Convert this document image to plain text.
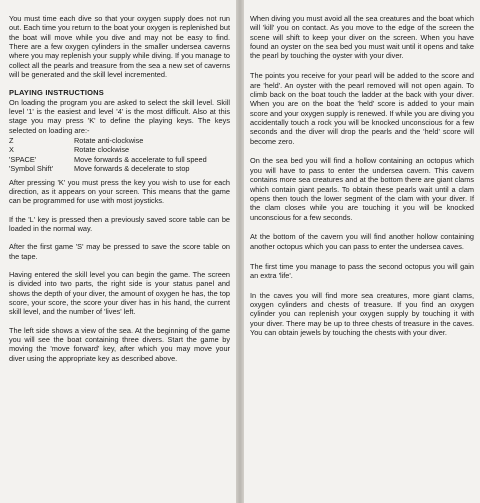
You must time each dive so that your oxygen supply does not run out. Each time you return to the boat your oxygen is replenished but the boat will move while you dive and may not be easy to find. There are a few oxygen cylinders in the smaller undersea caverns where you may replenish your supply while diving. If you manage to collect all the pearls and treasure from the sea a new set of caverns will be generated and the skill level incremented.

PLAYING INSTRUCTIONS

On loading the program you are asked to select the skill level. Skill level '1' is the easiest and level '4' is the most difficult. Also at this stage you may press 'K' to define the playing keys. The keys selected on loading are:-

Z	Rotate anti-clockwise
X	Rotate clockwise
'SPACE'	Move forwards & accelerate to full speed
'Symbol Shift'	Move forwards & decelerate to stop

After pressing 'K' you must press the key you wish to use for each direction, as it appears on your screen. This means that the game can be programmed for use with most joysticks.

If the 'L' key is pressed then a previously saved score table can be loaded in the normal way.

After the first game 'S' may be pressed to save the score table on the tape.

Having entered the skill level you can begin the game. The screen is divided into two parts, the right side is your status panel and shows the depth of your diver, the amount of oxygen he has, the top score, your score, the score your diver has in his hand, the current skill level, and the number of 'lives' left.

The left side shows a view of the sea. At the beginning of the game you will see the boat containing three divers. Start the game by moving the 'move forward' key, after which you may move your diver using the appropriate key as described above.

When diving you must avoid all the sea creatures and the boat which will 'kill' you on contact. As you move to the edge of the screen the scene will shift to keep your diver on the screen. When you have found an oyster on the sea bed you must wait until it opens and take the pearl by touching the oyster with your diver.

The points you receive for your pearl will be added to the score and are 'held'. An oyster with the pearl removed will not open again. To climb back on the boat touch the ladder at the back with your diver. When you are on the boat the 'held' score is added to your main score and your oxygen supply is renewed. If while you are diving you accidentally touch a rock you will be knocked unconscious for a few seconds and the diver will drop the pearls and the 'held' score will become zero.

On the sea bed you will find a hollow containing an octopus which you will have to pass to enter the undersea cavern. This cavern contains more sea creatures and at the bottom there are giant clams which contain giant pearls. To obtain these pearls wait until a clam opens then touch the lower segment of the clam with your diver. If the clam closes while you are touching it you will be knocked unconscious for a few seconds.

At the bottom of the cavern you will find another hollow containing another octopus which you can pass to enter the undersea caves.

The first time you manage to pass the second octopus you will gain an extra 'life'.

In the caves you will find more sea creatures, more giant clams, oxygen cylinders and chests of treasure. If you find an oxygen cylinder you can replenish your oxygen supply by touching it with your diver. There may be up to three chests of treasure in the caves. You can obtain jewels by touching the chests with your diver.
